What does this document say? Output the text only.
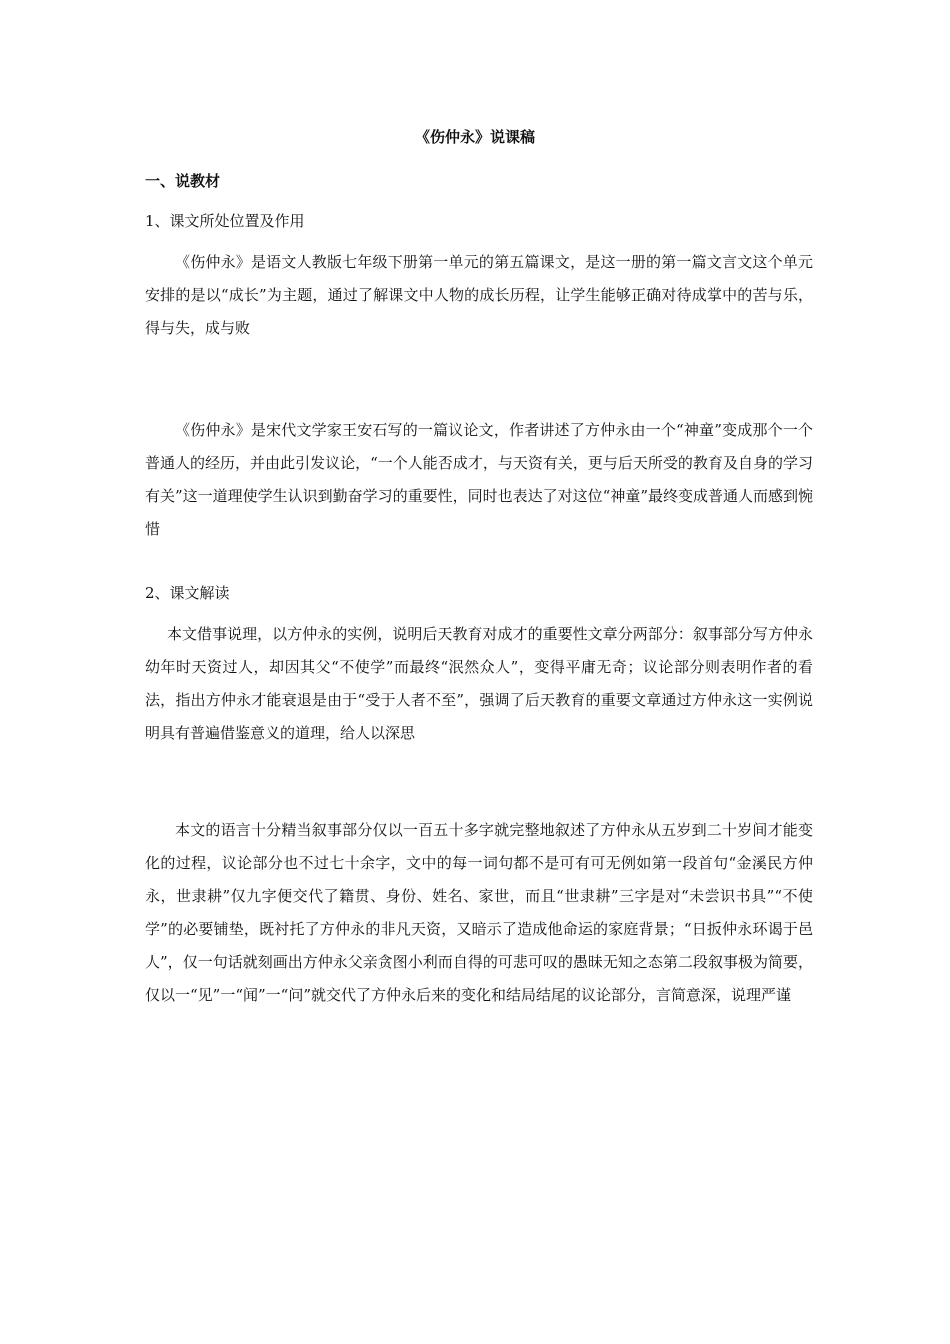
《伤仲永》说课稿
一、说教材
1、课文所处位置及作用

《伤仲永》是语文人教版七年级下册第一单元的第五篇课文，是这一册的第一篇文言文这个单元安排的是以“成长”为主题，通过了解课文中人物的成长历程，让学生能够正确对待成掌中的苦与乐，得与失，成与败

《伤仲永》是宋代文学家王安石写的一篇议论文，作者讲述了方仲永由一个“神童”变成那个一个普通人的经历，并由此引发议论，“一个人能否成才，与天资有关，更与后天所受的教育及自身的学习有关”这一道理使学生认识到勤奋学习的重要性，同时也表达了对这位“神童”最终变成普通人而感到惋惜

2、课文解读

本文借事说理，以方仲永的实例，说明后天教育对成才的重要性文章分两部分：叙事部分写方仲永幼年时天资过人，却因其父“不使学”而最终“泯然众人”，变得平庸无奇；议论部分则表明作者的看法，指出方仲永才能衰退是由于“受于人者不至”，强调了后天教育的重要文章通过方仲永这一实例说明具有普遍借鉴意义的道理，给人以深思

本文的语言十分精当叙事部分仅以一百五十多字就完整地叙述了方仲永从五岁到二十岁间才能变化的过程，议论部分也不过七十余字，文中的每一词句都不是可有可无例如第一段首句“金溪民方仲永，世隶耕”仅九字便交代了籍贯、身份、姓名、家世，而且“世隶耕”三字是对“未尝识书具”“不使学”的必要铺垫，既衬托了方仲永的非凡天资，又暗示了造成他命运的家庭背景；“日扳仲永环谒于邑人”，仅一句话就刻画出方仲永父亲贪图小利而自得的可悲可叹的愚昧无知之态第二段叙事极为简要，仅以一“见”一“闻”一“问”就交代了方仲永后来的变化和结局结尾的议论部分，言简意深，说理严谨
